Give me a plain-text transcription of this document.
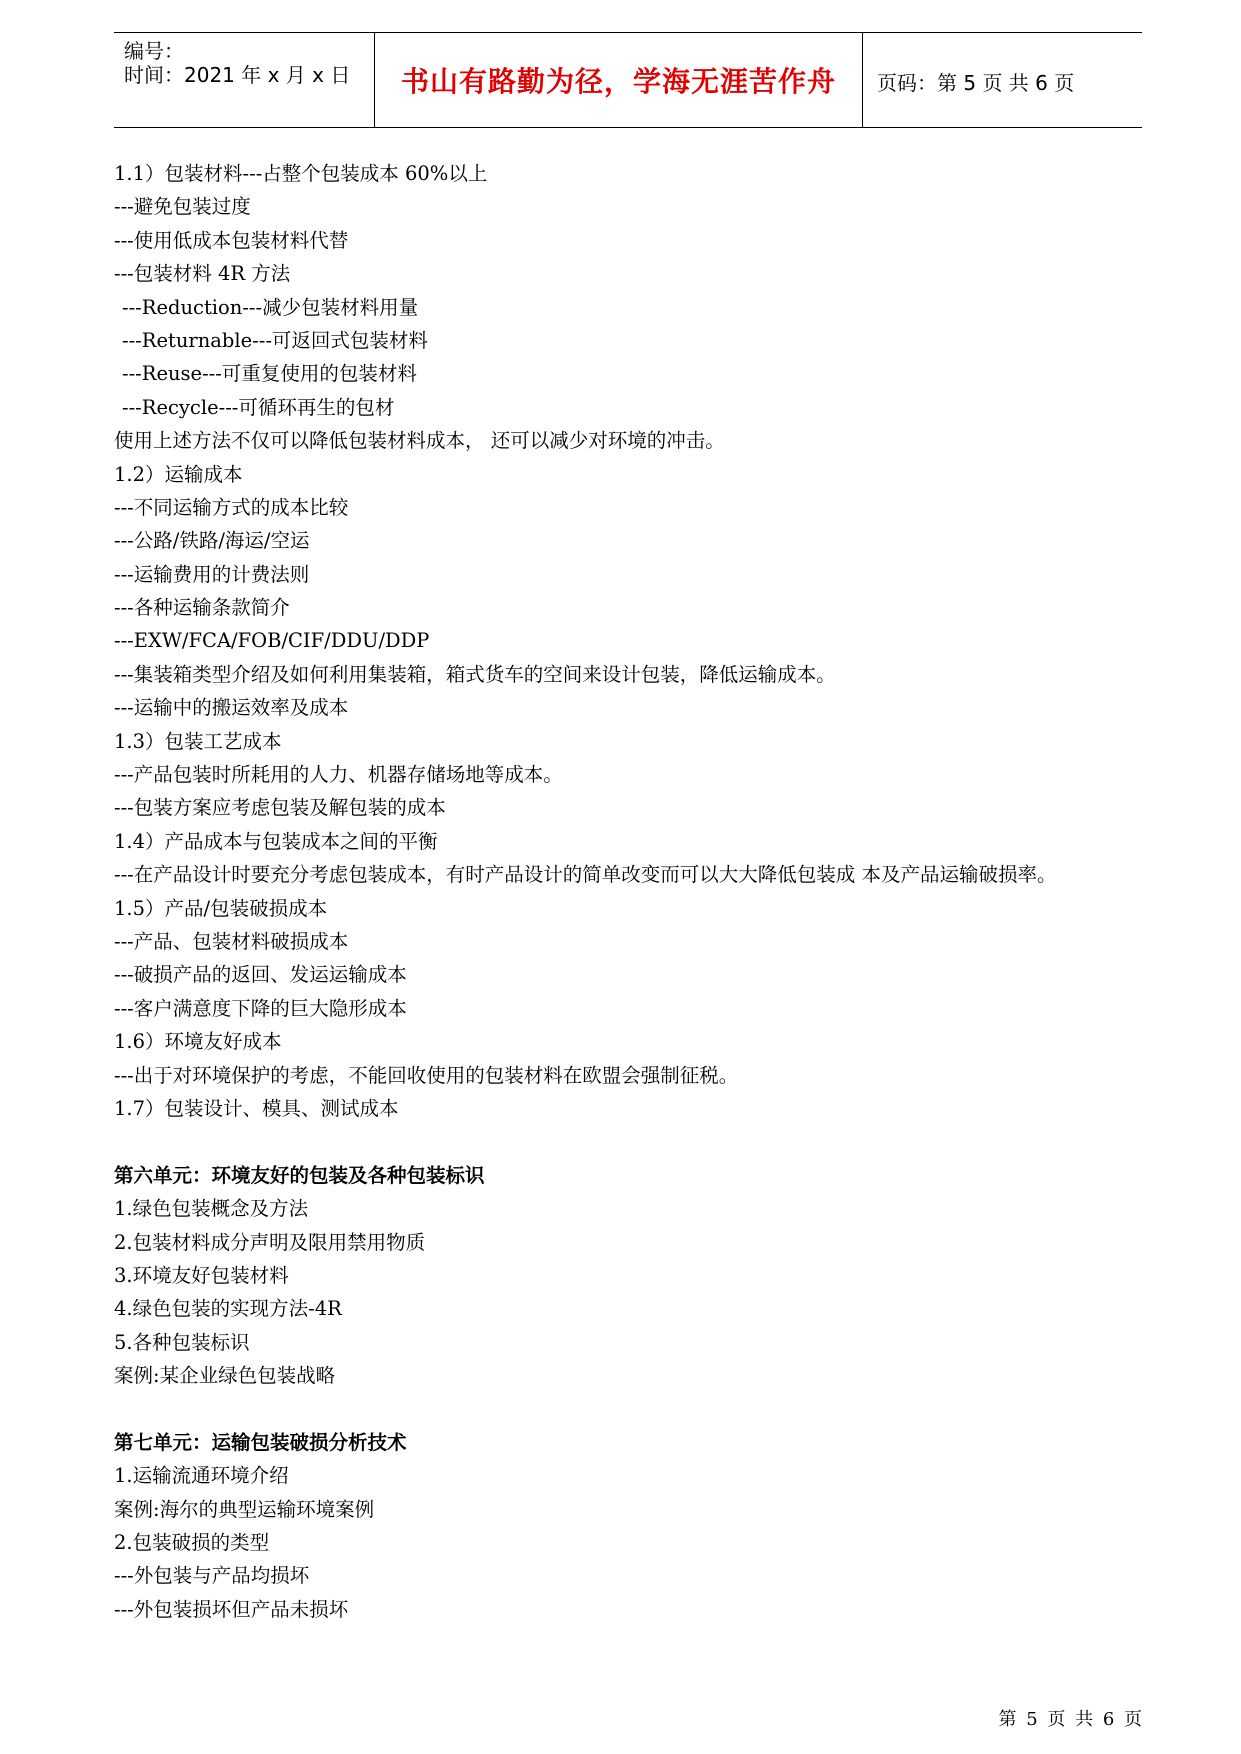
编号：
时间：2021 年 x 月 x 日 书山有路勤为径，学海无涯苦作舟 页码：第 5 页 共 6 页
1.1）包装材料---占整个包装成本 60%以上
---避免包装过度
---使用低成本包装材料代替
---包装材料 4R 方法
---Reduction---减少包装材料用量
---Returnable---可返回式包装材料
---Reuse---可重复使用的包装材料
---Recycle---可循环再生的包材
使用上述方法不仅可以降低包装材料成本， 还可以减少对环境的冲击。
1.2）运输成本
---不同运输方式的成本比较
---公路/铁路/海运/空运
---运输费用的计费法则
---各种运输条款简介
---EXW/FCA/FOB/CIF/DDU/DDP
---集装箱类型介绍及如何利用集装箱，箱式货车的空间来设计包装，降低运输成本。
---运输中的搬运效率及成本
1.3）包装工艺成本
---产品包装时所耗用的人力、机器存储场地等成本。
---包装方案应考虑包装及解包装的成本
1.4）产品成本与包装成本之间的平衡
---在产品设计时要充分考虑包装成本，有时产品设计的简单改变而可以大大降低包装成 本及产品运输破损率。
1.5）产品/包装破损成本
---产品、包装材料破损成本
---破损产品的返回、发运运输成本
---客户满意度下降的巨大隐形成本
1.6）环境友好成本
---出于对环境保护的考虑，不能回收使用的包装材料在欧盟会强制征税。
1.7）包装设计、模具、测试成本
第六单元：环境友好的包装及各种包装标识
1.绿色包装概念及方法
2.包装材料成分声明及限用禁用物质
3.环境友好包装材料
4.绿色包装的实现方法-4R
5.各种包装标识
案例:某企业绿色包装战略
第七单元：运输包装破损分析技术
1.运输流通环境介绍
案例:海尔的典型运输环境案例
2.包装破损的类型
---外包装与产品均损坏
---外包装损坏但产品未损坏
第 5 页 共 6 页
